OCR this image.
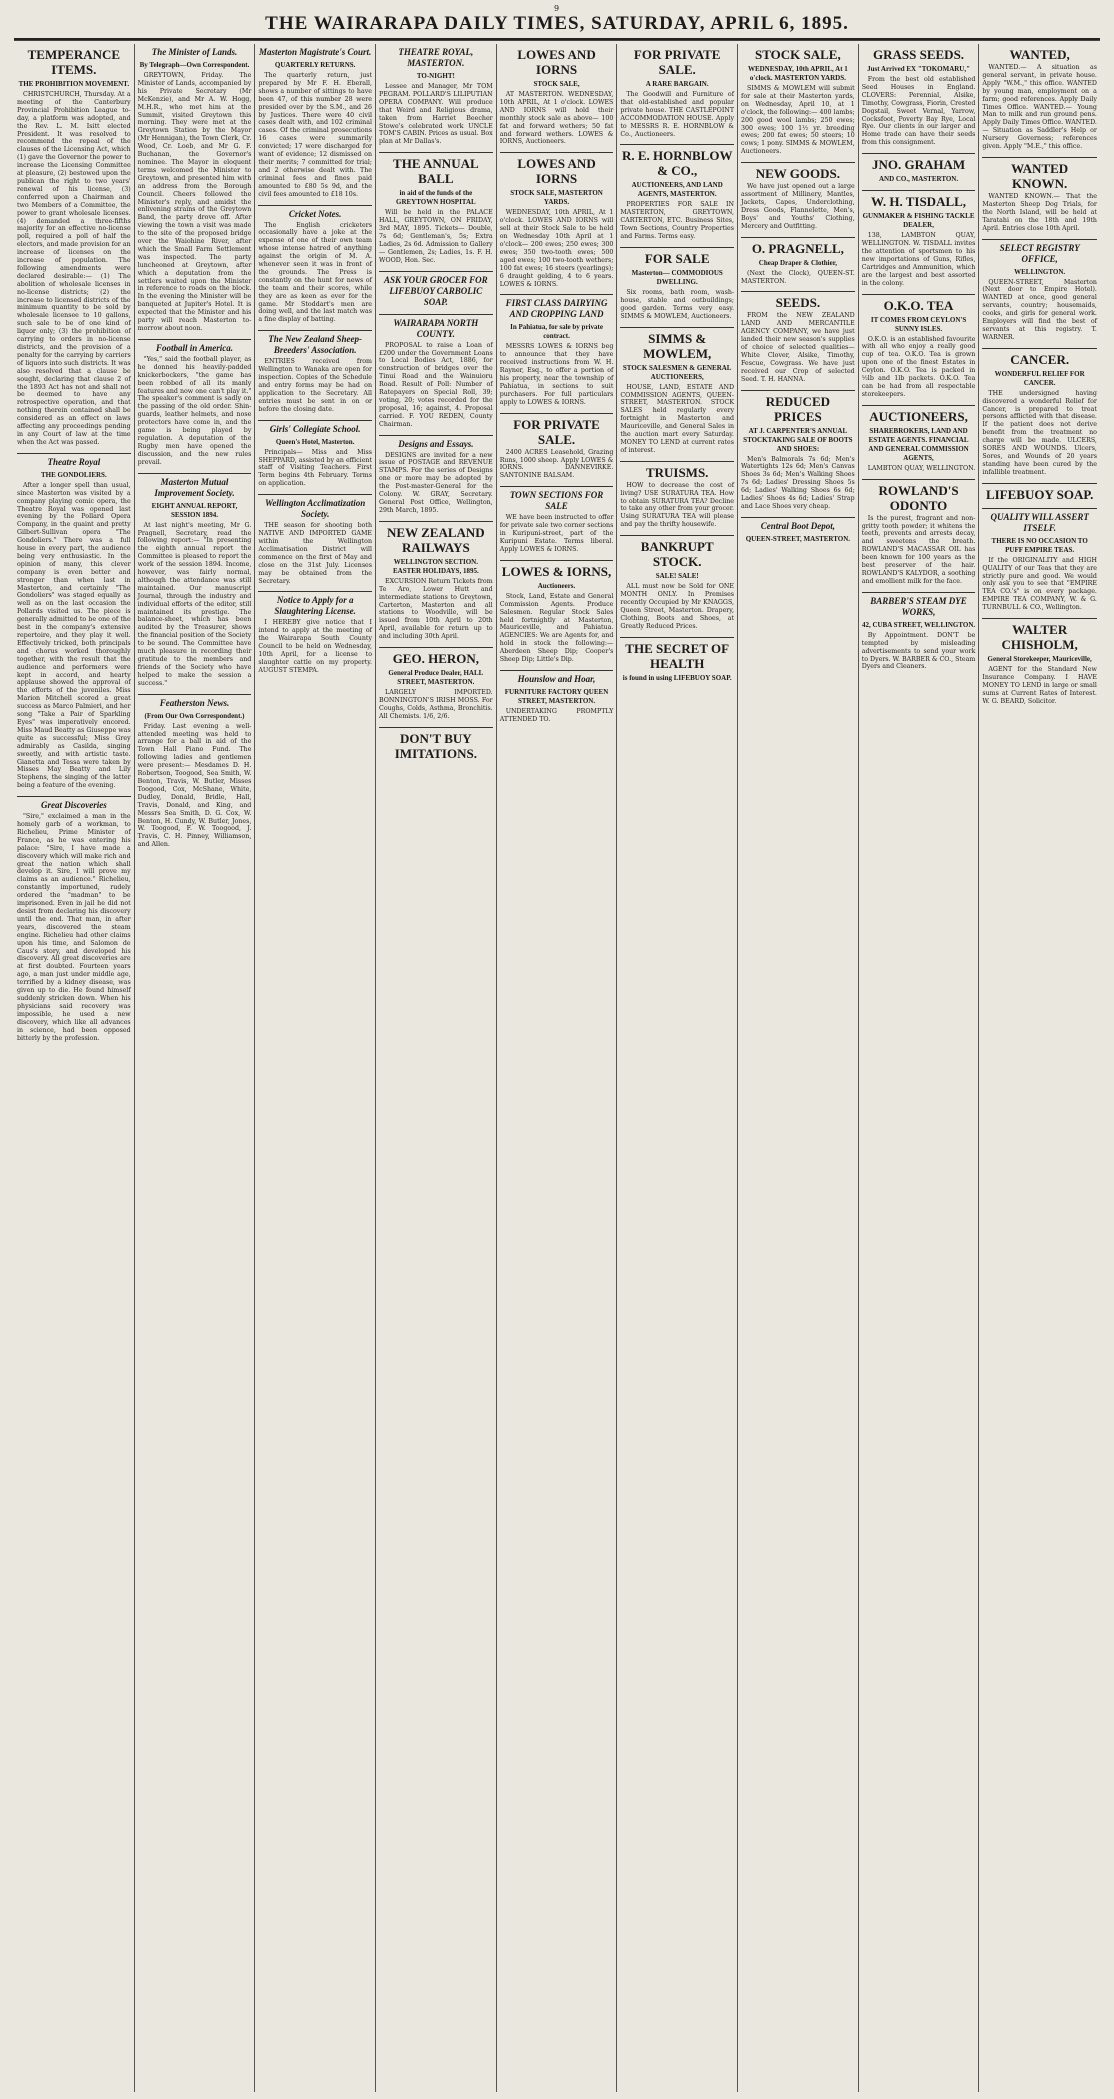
9
THE WAIRARAPA DAILY TIMES, SATURDAY, APRIL 6, 1895.
TEMPERANCE ITEMS.
THE PROHIBITION MOVEMENT.
CHRISTCHURCH, Thursday. At a meeting of the Canterbury Provincial Prohibition League to-day, a platform was adopted, and the Rev. L. M. Isitt elected President. It was resolved to recommend the repeal of the clauses of the Licensing Act, which (1) gave the Governor the power to increase the Licensing Committee at pleasure, (2) bestowed upon the publican the right to two years' renewal of his license, (3) conferred upon a Chairman and two Members of a Committee, the power to grant wholesale licenses. (4) demanded a three-fifths majority for an effective no-license poll, required a poll of half the electors, and made provision for an increase of licenses on the increase of population. The following amendments were declared desirable:— (1) The abolition of wholesale licenses in no-license districts; (2) the increase to licensed districts of the minimum quantity to be sold by wholesale licensee to 10 gallons, such sale to be of one kind of liquor only; (3) the prohibition of carrying to orders in no-license districts, and the provision of a penalty for the carrying by carriers of liquors into such districts. It was also resolved that a clause be sought, declaring that clause 2 of the 1893 Act has not and shall not be deemed to have any retrospective operation, and that nothing therein contained shall be considered as an effect on laws affecting any proceedings pending in any Court of law at the time when the Act was passed.
Theatre Royal
THE GONDOLIERS.
After a longer spell than usual, since Masterton was visited by a company playing comic opera, the Theatre Royal was opened last evening by the Pollard Opera Company, in the quaint and pretty Gilbert-Sullivan opera "The Gondoliers." There was a full house in every part, the audience being very enthusiastic. In the opinion of many, this clever company is even better and stronger than when last in Masterton, and certainly "The Gondoliers" was staged equally as well as on the last occasion the Pollards visited us. The piece is generally admitted to be one of the best in the company's extensive repertoire, and they play it well. Effectively tricked, both principals and chorus worked thoroughly together, with the result that the audience and performers were kept in accord, and hearty applause showed the approval of the efforts of the juveniles. Miss Marion Mitchell scored a great success as Marco Palmieri, and her song "Take a Pair of Sparkling Eyes" was imperatively encored. Miss Maud Beatty as Giuseppe was quite as successful; Miss Grey admirably as Casilda, singing sweetly, and with artistic taste. Gianetta and Tessa were taken by Misses May Beatty and Lily Stephens, the singing of the latter being a feature of the evening.
Great Discoveries
"Sire," exclaimed a man in the homely garb of a workman, to Richelieu, Prime Minister of France, as he was entering his palace: "Sire, I have made a discovery which will make rich and great the nation which shall develop it. Sire, I will prove my claims as an audience." Richelieu, constantly importuned, rudely ordered the "madman" to be imprisoned. Even in jail he did not desist from declaring his discovery until the end. That man, in after years, discovered the steam engine. Richelieu had other claims upon his time, and Salomon de Caus's story, and developed his discovery. All great discoveries are at first doubted. Fourteen years ago, a man just under middle age, terrified by a kidney disease, was given up to die. He found himself suddenly stricken down. When his physicians said recovery was impossible, he used a new discovery, which like all advances in science, had been opposed bitterly by the profession.
The Minister of Lands.
By Telegraph—Own Correspondent.
GREYTOWN, Friday. The Minister of Lands, accompanied by his Private Secretary (Mr McKenzie), and Mr A. W. Hogg, M.H.R., who met him at the Summit, visited Greytown this morning. They were met at the Greytown Station by the Mayor (Mr Hennigan), the Town Clerk, Cr. Wood, Cr. Loeb, and Mr G. F. Buchanan, the Governor's nominee. The Mayor in eloquent terms welcomed the Minister to Greytown, and presented him with an address from the Borough Council. Cheers followed the Minister's reply, and amidst the enlivening strains of the Greytown Band, the party drove off. After viewing the town a visit was made to the site of the proposed bridge over the Waiohine River, after which the Small Farm Settlement was inspected. The party luncheoned at Greytown, after which a deputation from the settlers waited upon the Minister in reference to roads on the block. In the evening the Minister will be banqueted at Jupiter's Hotel. It is expected that the Minister and his party will reach Masterton to-morrow about noon.
Football in America.
"Yes," said the football player, as he donned his heavily-padded knickerbockers, "the game has been robbed of all its manly features and now one can't play it." The speaker's comment is sadly on the passing of the old order. Shin-guards, leather helmets, and nose protectors have come in, and the game is being played by regulation. A deputation of the Rugby men have opened the discussion, and the new rules prevail.
Masterton Mutual Improvement Society.
EIGHT ANNUAL REPORT, SESSION 1894.
At last night's meeting, Mr G. Pragnell, Secretary, read the following report:— "In presenting the eighth annual report the Committee is pleased to report the work of the session 1894. Income, however, was fairly normal, although the attendance was still maintained. Our manuscript Journal, through the industry and individual efforts of the editor, still maintained its prestige. The balance-sheet, which has been audited by the Treasurer, shows the financial position of the Society to be sound. The Committee have much pleasure in recording their gratitude to the members and friends of the Society who have helped to make the session a success."
Featherston News.
(From Our Own Correspondent.)
Friday. Last evening a well-attended meeting was held to arrange for a ball in aid of the Town Hall Piano Fund. The following ladies and gentlemen were present:— Mesdames D. H. Robertson, Toogood, Sea Smith, W. Benton, Travis, W. Butler, Misses Toogood, Cox, McShane, White, Dudley, Donald, Bridle, Hall, Travis, Donald, and King, and Messrs Sea Smith, D. G. Cox, W. Benton, H. Cundy, W. Butler, Jones, W. Toogood, F. W. Toogood, J. Travis, C. H. Pinney, Williamson, and Allen.
Masterton Magistrate's Court.
QUARTERLY RETURNS.
The quarterly return, just prepared by Mr F. H. Eberall, shows a number of sittings to have been 47, of this number 28 were presided over by the S.M., and 26 by Justices. There were 40 civil cases dealt with, and 102 criminal cases. Of the criminal prosecutions 16 cases were summarily convicted; 17 were discharged for want of evidence; 12 dismissed on their merits; 7 committed for trial; and 2 otherwise dealt with. The criminal fees and fines paid amounted to £80 5s 9d, and the civil fees amounted to £18 10s.
Cricket Notes.
The English cricketers occasionally have a joke at the expense of one of their own team whose intense hatred of anything against the origin of M. A. whenever seen it was in front of the grounds. The Press is constantly on the hunt for news of the team and their scores, while they are as keen as ever for the game. Mr Stoddart's men are doing well, and the last match was a fine display of batting.
The New Zealand Sheep-Breeders' Association.
ENTRIES received from Wellington to Wanaka are open for inspection. Copies of the Schedule and entry forms may be had on application to the Secretary. All entries must be sent in on or before the closing date.
Girls' Collegiate School.
Queen's Hotel, Masterton.
Principals— Miss and Miss SHEPPARD, assisted by an efficient staff of Visiting Teachers. First Term begins 4th February. Terms on application.
Wellington Acclimatization Society.
THE season for shooting both NATIVE AND IMPORTED GAME within the Wellington Acclimatisation District will commence on the first of May and close on the 31st July. Licenses may be obtained from the Secretary.
Notice to Apply for a Slaughtering License.
I HEREBY give notice that I intend to apply at the meeting of the Wairarapa South County Council to be held on Wednesday, 10th April, for a license to slaughter cattle on my property. AUGUST STEMPA.
THEATRE ROYAL, MASTERTON.
TO-NIGHT!
Lessee and Manager, Mr TOM PEGRAM. POLLARD'S LILIPUTIAN OPERA COMPANY. Will produce that Weird and Religious drama, taken from Harriet Beecher Stowe's celebrated work UNCLE TOM'S CABIN. Prices as usual. Box plan at Mr Dallas's.
THE ANNUAL BALL
in aid of the funds of the GREYTOWN HOSPITAL
Will be held in the PALACE HALL, GREYTOWN, ON FRIDAY, 3rd MAY, 1895. Tickets— Double, 7s 6d; Gentleman's, 5s; Extra Ladies, 2s 6d. Admission to Gallery— Gentlemen, 2s; Ladies, 1s. F. H. WOOD, Hon. Sec.
ASK YOUR GROCER FOR LIFEBUOY CARBOLIC SOAP.
WAIRARAPA NORTH COUNTY.
PROPOSAL to raise a Loan of £200 under the Government Loans to Local Bodies Act, 1886, for construction of bridges over the Tinui Road and the Wainuioru Road. Result of Poll: Number of Ratepayers on Special Roll, 39; voting, 20; votes recorded for the proposal, 16; against, 4. Proposal carried. F. YOU REDEN, County Chairman.
Designs and Essays.
DESIGNS are invited for a new issue of POSTAGE and REVENUE STAMPS. For the series of Designs one or more may be adopted by the Post-master-General for the Colony. W. GRAY, Secretary. General Post Office, Wellington, 29th March, 1895.
NEW ZEALAND RAILWAYS
WELLINGTON SECTION. EASTER HOLIDAYS, 1895.
EXCURSION Return Tickets from Te Aro, Lower Hutt and intermediate stations to Greytown, Carterton, Masterton and all stations to Woodville, will be issued from 10th April to 20th April, available for return up to and including 30th April.
GEO. HERON,
General Produce Dealer, HALL STREET, MASTERTON.
LARGELY IMPORTED. BONNINGTON'S IRISH MOSS. For Coughs, Colds, Asthma, Bronchitis. All Chemists. 1/6, 2/6.
DON'T BUY IMITATIONS.
LOWES AND IORNS
STOCK SALE,
AT MASTERTON. WEDNESDAY, 10th APRIL, At 1 o'clock. LOWES AND IORNS will hold their monthly stock sale as above— 100 fat and forward wethers; 50 fat and forward wethers. LOWES & IORNS, Auctioneers.
LOWES AND IORNS
STOCK SALE, MASTERTON YARDS.
WEDNESDAY, 10th APRIL, At 1 o'clock. LOWES AND IORNS will sell at their Stock Sale to be held on Wednesday 10th April at 1 o'clock— 200 ewes; 250 ewes; 300 ewes; 350 two-tooth ewes; 500 aged ewes; 100 two-tooth wethers; 100 fat ewes; 16 steers (yearlings); 6 draught gelding, 4 to 6 years. LOWES & IORNS.
FIRST CLASS DAIRYING AND CROPPING LAND
In Pahiatua, for sale by private contract.
MESSRS LOWES & IORNS beg to announce that they have received instructions from W. H. Rayner, Esq., to offer a portion of his property, near the township of Pahiatua, in sections to suit purchasers. For full particulars apply to LOWES & IORNS.
FOR PRIVATE SALE.
2400 ACRES Leasehold, Grazing Runs, 1000 sheep. Apply LOWES & IORNS. DANNEVIRKE. SANTONINE BALSAM.
TOWN SECTIONS FOR SALE
WE have been instructed to offer for private sale two corner sections in Kuripuni-street, part of the Kuripuni Estate. Terms liberal. Apply LOWES & IORNS.
LOWES & IORNS,
Auctioneers.
Stock, Land, Estate and General Commission Agents. Produce Salesmen. Regular Stock Sales held fortnightly at Masterton, Mauriceville, and Pahiatua. AGENCIES: We are Agents for, and hold in stock the following:— Aberdeen Sheep Dip; Cooper's Sheep Dip; Little's Dip.
Hounslow and Hoar,
FURNITURE FACTORY QUEEN STREET, MASTERTON.
UNDERTAKING PROMPTLY ATTENDED TO.
FOR PRIVATE SALE.
A RARE BARGAIN.
The Goodwill and Furniture of that old-established and popular private house. THE CASTLEPOINT ACCOMMODATION HOUSE. Apply to MESSRS R. E. HORNBLOW & Co., Auctioneers.
R. E. HORNBLOW & CO.,
AUCTIONEERS, AND LAND AGENTS, MASTERTON.
PROPERTIES FOR SALE IN MASTERTON, GREYTOWN, CARTERTON, ETC. Business Sites, Town Sections, Country Properties and Farms. Terms easy.
FOR SALE
Masterton— COMMODIOUS DWELLING.
Six rooms, bath room, wash-house, stable and outbuildings; good garden. Terms very easy. SIMMS & MOWLEM, Auctioneers.
SIMMS & MOWLEM,
STOCK SALESMEN & GENERAL AUCTIONEERS,
HOUSE, LAND, ESTATE AND COMMISSION AGENTS, QUEEN-STREET, MASTERTON. STOCK SALES held regularly every fortnight in Masterton and Mauriceville, and General Sales in the auction mart every Saturday. MONEY TO LEND at current rates of interest.
TRUISMS.
HOW to decrease the cost of living? USE SURATURA TEA. How to obtain SURATURA TEA? Decline to take any other from your grocer. Using SURATURA TEA will please and pay the thrifty housewife.
BANKRUPT STOCK.
SALE! SALE!
ALL must now be Sold for ONE MONTH ONLY. In Premises recently Occupied by Mr KNAGGS, Queen Street, Masterton. Drapery, Clothing, Boots and Shoes, at Greatly Reduced Prices.
THE SECRET OF HEALTH
is found in using LIFEBUOY SOAP.
STOCK SALE,
WEDNESDAY, 10th APRIL, At 1 o'clock. MASTERTON YARDS.
SIMMS & MOWLEM will submit for sale at their Masterton yards, on Wednesday, April 10, at 1 o'clock, the following:— 400 lambs; 200 good wool lambs; 250 ewes; 300 ewes; 100 1½ yr. breeding ewes; 200 fat ewes; 50 steers; 10 cows; 1 pony. SIMMS & MOWLEM, Auctioneers.
NEW GOODS.
We have just opened out a large assortment of Millinery, Mantles, Jackets, Capes, Underclothing, Dress Goods, Flannelette, Men's, Boys' and Youths' Clothing, Mercery and Outfitting.
O. PRAGNELL,
Cheap Draper & Clothier,
(Next the Clock), QUEEN-ST. MASTERTON.
SEEDS.
FROM the NEW ZEALAND LAND AND MERCANTILE AGENCY COMPANY, we have just landed their new season's supplies of choice of selected qualities— White Clover, Alsike, Timothy, Fescue, Cowgrass. We have just received our Crop of selected Seed. T. H. HANNA.
REDUCED PRICES
AT J. CARPENTER'S ANNUAL STOCKTAKING SALE OF BOOTS AND SHOES:
Men's Balmorals 7s 6d; Men's Watertights 12s 6d; Men's Canvas Shoes 3s 6d; Men's Walking Shoes 7s 6d; Ladies' Dressing Shoes 5s 6d; Ladies' Walking Shoes 6s 6d; Ladies' Shoes 4s 6d; Ladies' Strap and Lace Shoes very cheap.
Central Boot Depot,
QUEEN-STREET, MASTERTON.
GRASS SEEDS.
Just Arrived EX "TOKOMARU,"
From the best old established Seed Houses in England. CLOVERS: Perennial, Alsike, Timothy, Cowgrass, Fiorin, Crested Dogstail, Sweet Vernal, Yarrow, Cocksfoot, Poverty Bay Rye, Local Rye. Our clients in our larger and Home trade can have their seeds from this consignment.
JNO. GRAHAM
AND CO., MASTERTON.
W. H. TISDALL,
GUNMAKER & FISHING TACKLE DEALER,
138, LAMBTON QUAY, WELLINGTON. W. TISDALL invites the attention of sportsmen to his new importations of Guns, Rifles, Cartridges and Ammunition, which are the largest and best assorted in the colony.
O.K.O. TEA
IT COMES FROM CEYLON'S SUNNY ISLES.
O.K.O. is an established favourite with all who enjoy a really good cup of tea. O.K.O. Tea is grown upon one of the finest Estates in Ceylon. O.K.O. Tea is packed in ½lb and 1lb packets. O.K.O. Tea can be had from all respectable storekeepers.
AUCTIONEERS,
SHAREBROKERS, LAND AND ESTATE AGENTS. FINANCIAL AND GENERAL COMMISSION AGENTS,
LAMBTON QUAY, WELLINGTON.
ROWLAND'S ODONTO
Is the purest, fragrant and non-gritty tooth powder; it whitens the teeth, prevents and arrests decay, and sweetens the breath. ROWLAND'S MACASSAR OIL has been known for 100 years as the best preserver of the hair. ROWLAND'S KALYDOR, a soothing and emollient milk for the face.
BARBER'S STEAM DYE WORKS,
42, CUBA STREET, WELLINGTON.
By Appointment. DON'T be tempted by misleading advertisements to send your work to Dyers. W. BARBER & CO., Steam Dyers and Cleaners.
WANTED,
WANTED.— A situation as general servant, in private house. Apply "W.M.," this office. WANTED by young man, employment on a farm; good references. Apply Daily Times Office. WANTED.— Young Man to milk and run ground pens. Apply Daily Times Office. WANTED.— Situation as Saddler's Help or Nursery Governess; references given. Apply "M.E.," this office.
WANTED KNOWN.
WANTED KNOWN.— That the Masterton Sheep Dog Trials, for the North Island, will be held at Taratahi on the 18th and 19th April. Entries close 10th April.
SELECT REGISTRY OFFICE,
WELLINGTON.
QUEEN-STREET, Masterton (Next door to Empire Hotel). WANTED at once, good general servants, country; housemaids, cooks, and girls for general work. Employers will find the best of servants at this registry. T. WARNER.
CANCER.
WONDERFUL RELIEF FOR CANCER.
THE undersigned having discovered a wonderful Relief for Cancer, is prepared to treat persons afflicted with that disease. If the patient does not derive benefit from the treatment no charge will be made. ULCERS, SORES AND WOUNDS. Ulcers, Sores, and Wounds of 20 years standing have been cured by the infallible treatment.
LIFEBUOY SOAP.
QUALITY WILL ASSERT ITSELF.
THERE IS NO OCCASION TO PUFF EMPIRE TEAS.
If the ORIGINALITY and HIGH QUALITY of our Teas that they are strictly pure and good. We would only ask you to see that "EMPIRE TEA CO.'s" is on every package. EMPIRE TEA COMPANY, W. & G. TURNBULL & CO., Wellington.
WALTER CHISHOLM,
General Storekeeper, Mauriceville,
AGENT for the Standard New Insurance Company. I HAVE MONEY TO LEND in large or small sums at Current Rates of Interest. W. G. BEARD, Solicitor.
